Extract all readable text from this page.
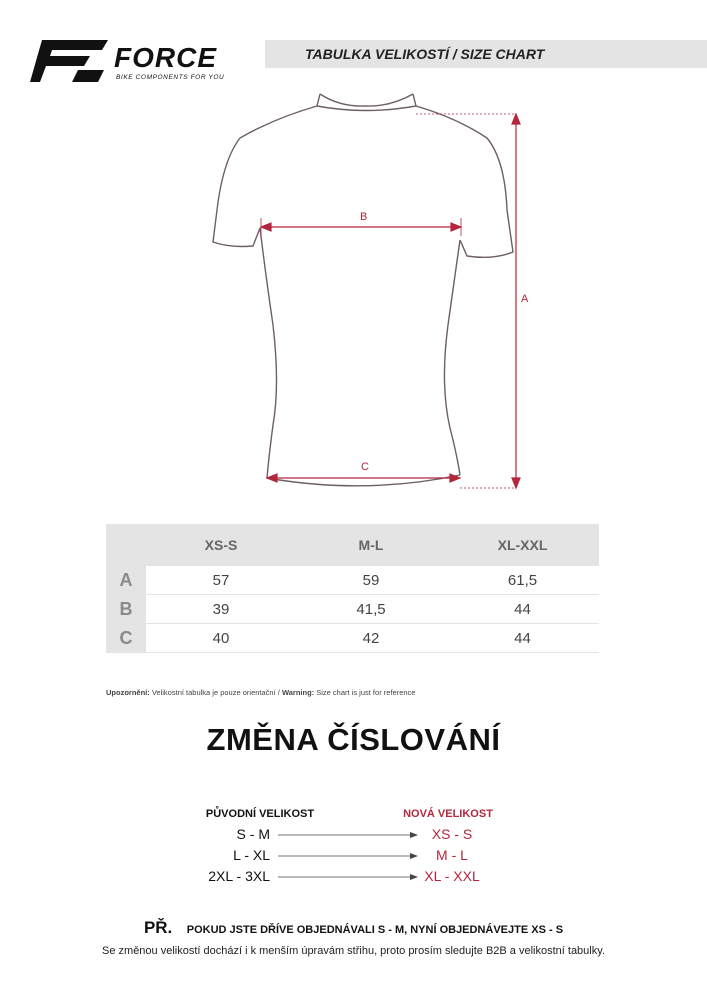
FORCE
BIKE COMPONENTS FOR YOU
TABULKA VELIKOSTÍ / SIZE CHART
A
B
C
	XS-S	M-L	XL-XXL
A	57	59	61,5
B	39	41,5	44
C	40	42	44
Upozornění: Velikostní tabulka je pouze orientační / Warning: Size chart is just for reference
ZMĚNA ČÍSLOVÁNÍ
PŮVODNÍ VELIKOST	NOVÁ VELIKOST
S - M	XS - S
L - XL	M - L
2XL - 3XL	XL - XXL
PŘ. POKUD JSTE DŘÍVE OBJEDNÁVALI S - M, NYNÍ OBJEDNÁVEJTE XS - S
Se změnou velikostí dochází i k menším úpravám střihu, proto prosím sledujte B2B a velikostní tabulky.
